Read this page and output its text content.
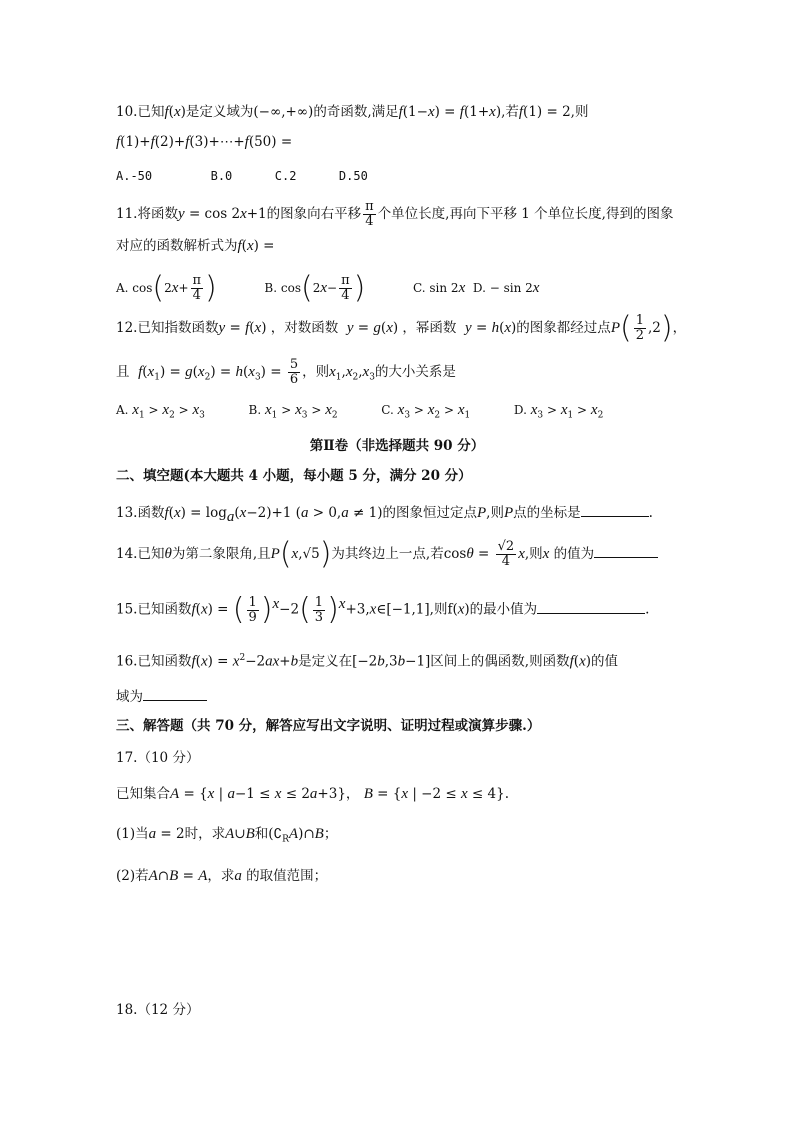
10.已知f(x)是定义域为(−∞,+∞)的奇函数,满足f(1−x) = f(1+x),若f(1) = 2,则
f(1)+f(2)+f(3)+⋯+f(50) =
A.-50	B.0	C.2	D.50
11.将函数y = cos 2x+1的图象向右平移 $\frac{\pi}{4}$ 个单位长度,再向下平移 1 个单位长度,得到的图象
对应的函数解析式为f(x) =
A. $\cos(2x+ \frac{\pi}{4}$ )	B. $\cos(2x- \frac{\pi}{4}$ )	C. sin 2x  D. − sin 2x
12.已知指数函数y = f(x) ，对数函数  y = g(x) ，幂函数  y = h(x)的图象都经过点$P( \frac{1}{2} ,2)$，
且  $f(x_1) = g(x_2) = h(x_3) = \frac{5}{6}$ ，则$x_1,x_2,x_3$的大小关系是
A. $x_1 > x_2 > x_3$	B. $x_1 > x_3 > x_2$	C. $x_3 > x_2 > x_1$	D. $x_3 > x_1 > x_2$
第Ⅱ卷（非选择题共 90 分）
二、填空题(本大题共 4 小题，每小题 5 分，满分 20 分）
13.函数$f(x) = \log_a(x-2)+1$ (a > 0,a ≠ 1)的图象恒过定点P,则P点的坐标是	.
14.已知θ为第二象限角,且P(x,√5)为其终边上一点,若$\cos\theta = \frac{√2}{4} x$,则x 的值为
15.已知函数f(x) = ( $\frac{1}{9} )^x-2( \frac{1}{3}$ )$^x+3,x\in[-1,1]$,则f(x)的最小值为	.
16.已知函数$f(x) = x^2-2ax+b$是定义在[−2b,3b−1]区间上的偶函数,则函数f(x)的值
域为
三、解答题（共 70 分，解答应写出文字说明、证明过程或演算步骤.）
17.（10 分）
已知集合A = {x | a−1 ≤ x ≤ 2a+3}， B = {x | −2 ≤ x ≤ 4}.
(1)当a = 2时，求A∪B和$(∁_RA)\cap B$；
(2)若A∩B = A，求a 的取值范围；
18.（12 分）
